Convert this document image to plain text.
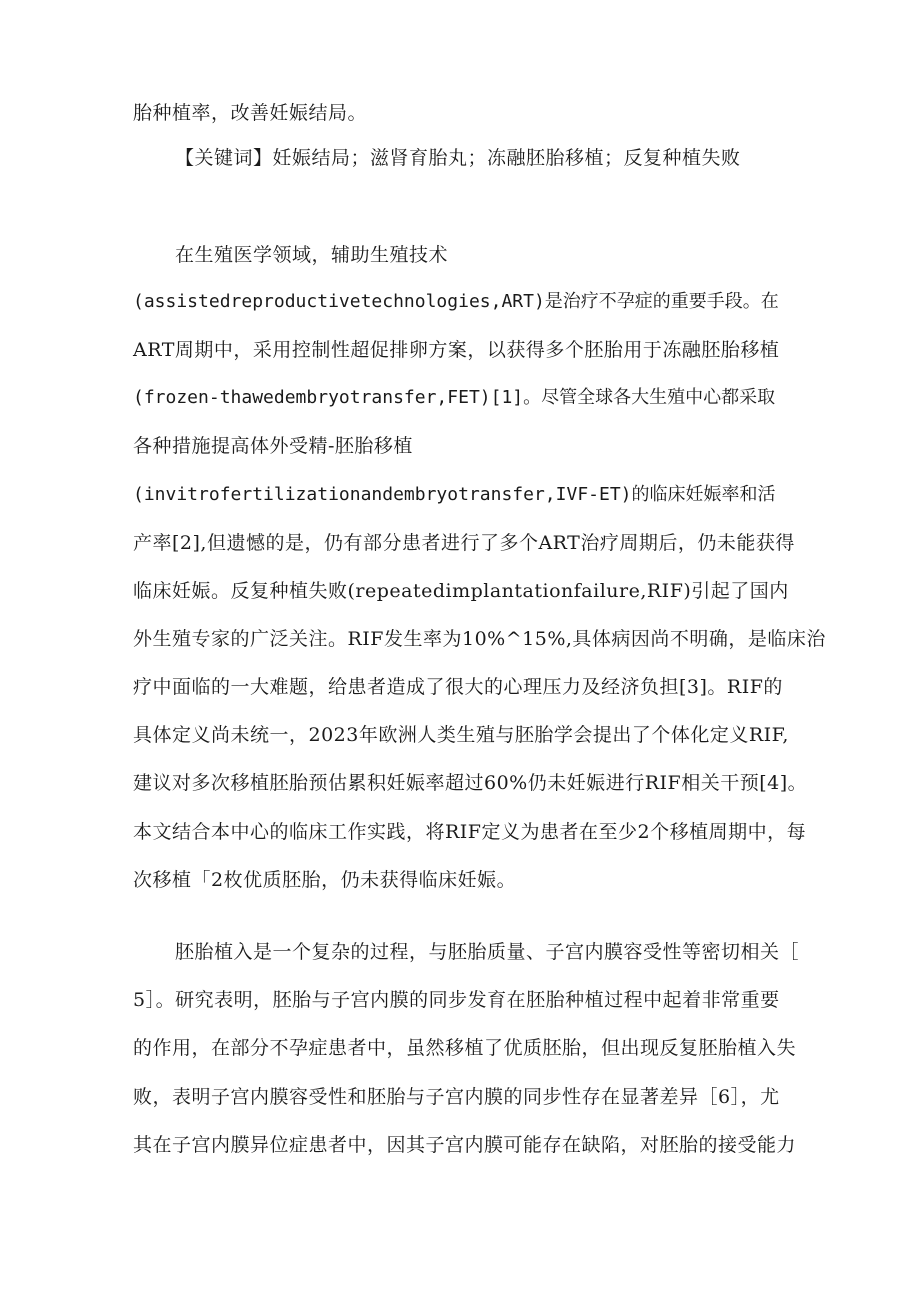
胎种植率，改善妊娠结局。
【关键词】妊娠结局；滋肾育胎丸；冻融胚胎移植；反复种植失败
在生殖医学领域，辅助生殖技术
(assistedreproductivetechnologies,ART)是治疗不孕症的重要手段。在
ART周期中，采用控制性超促排卵方案，以获得多个胚胎用于冻融胚胎移植
(frozen-thawedembryotransfer,FET)[1]。尽管全球各大生殖中心都采取
各种措施提高体外受精-胚胎移植
(invitrofertilizationandembryotransfer,IVF-ET)的临床妊娠率和活
产率[2],但遗憾的是，仍有部分患者进行了多个ART治疗周期后，仍未能获得
临床妊娠。反复种植失败(repeatedimplantationfailure,RIF)引起了国内
外生殖专家的广泛关注。RIF发生率为10%^15%,具体病因尚不明确，是临床治
疗中面临的一大难题，给患者造成了很大的心理压力及经济负担[3]。RIF的
具体定义尚未统一，2023年欧洲人类生殖与胚胎学会提出了个体化定义RIF,
建议对多次移植胚胎预估累积妊娠率超过60%仍未妊娠进行RIF相关干预[4]。
本文结合本中心的临床工作实践，将RIF定义为患者在至少2个移植周期中，每
次移植「2枚优质胚胎，仍未获得临床妊娠。
胚胎植入是一个复杂的过程，与胚胎质量、子宫内膜容受性等密切相关［
5］。研究表明，胚胎与子宫内膜的同步发育在胚胎种植过程中起着非常重要
的作用，在部分不孕症患者中，虽然移植了优质胚胎，但出现反复胚胎植入失
败，表明子宫内膜容受性和胚胎与子宫内膜的同步性存在显著差异［6］，尤
其在子宫内膜异位症患者中，因其子宫内膜可能存在缺陷，对胚胎的接受能力
